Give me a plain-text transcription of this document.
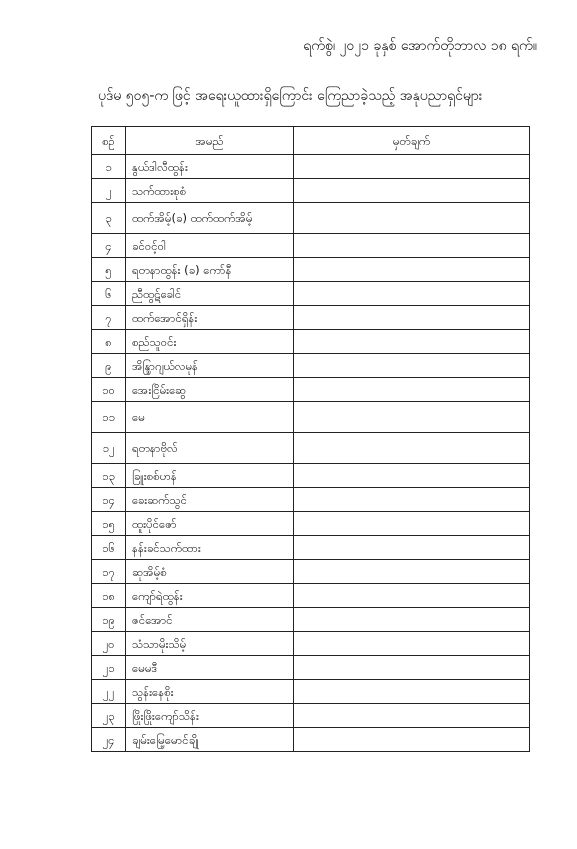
ရက်စွဲ၊ ၂၀၂၁ ခုနှစ် အောက်တိုဘာလ ၁၈ ရက်။
ပုဒ်မ ၅၀၅-က ဖြင့် အရေးယူထားရှိကြောင်း ကြေညာခဲ့သည့် အနုပညာရှင်များ
စဉ်	အမည်	မှတ်ချက်
၁	နွယ်ဒါလီထွန်း	
၂	သက်ထားစုစံ	
၃	ထက်အိမ့်(ခ) ထက်ထက်အိမ့်	
၄	ခင်ဝင့်ဝါ	
၅	ရတနာထွန်း (ခ) ကော်နီ	
၆	ညီထွဋ်ခေါင်	
၇	ထက်အောင်ရှိန်း	
၈	စည်သူဝင်း	
၉	အိန္ဒြာဂျယ်လမုန်	
၁၀	အေးငြိမ်းဆွေ	
၁၁	မေ	
၁၂	ရတနာဗိုလ်	
၁၃	ခြူးစစ်ဟန်	
၁၄	ခေးဆက်သွင်	
၁၅	ထူးပိုင်ဇော်	
၁၆	နန်းခင်သက်ထား	
၁၇	ဆုအိမ့်စံ	
၁၈	ကျော်ရဲထွန်း	
၁၉	ဇင်အောင်	
၂၀	သံသာမိုးသိမ့်	
၂၁	မေမဒီ	
၂၂	သွန်းနေစိုး	
၂၃	ဖြိုးဖြိုးကျော်သိန်း	
၂၄	ချမ်းမြေ့မောင်ချို	
